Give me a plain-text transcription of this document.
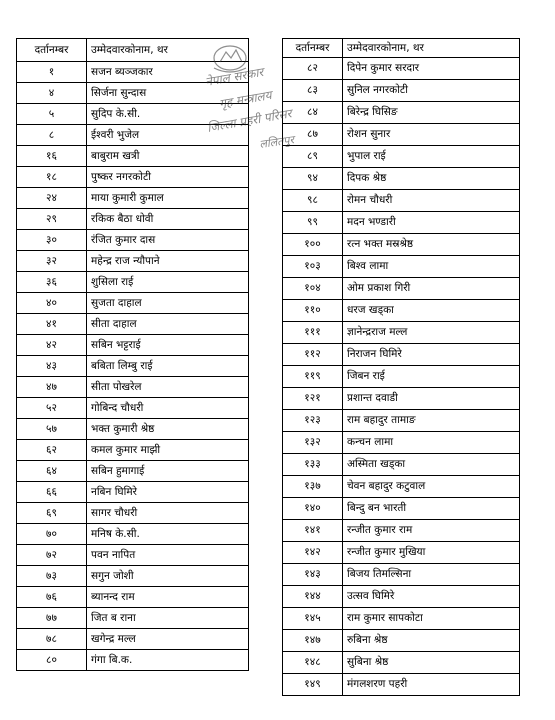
दर्तानम्बर	उम्मेदवारकोनाम, थर
१	सजन ब्यञ्जकार
४	सिर्जना सुन्दास
५	सुदिप के.सी.
८	ईश्वरी भुजेल
१६	बाबुराम खत्री
१८	पुष्कर नगरकोटी
२४	माया कुमारी कुमाल
२९	रकिक बैठा धोवी
३०	रंजित कुमार दास
३२	महेन्द्र राज न्यौपाने
३६	शुसिला राई
४०	सुजता दाहाल
४१	सीता दाहाल
४२	सबिन भट्टराई
४३	बबिता लिम्बु राई
४७	सीता पोखरेल
५२	गोबिन्द चौधरी
५७	भक्त कुमारी श्रेष्ठ
६२	कमल कुमार माझी
६४	सबिन हुमागाई
६६	नबिन घिमिरे
६९	सागर चौधरी
७०	मनिष के.सी.
७२	पवन नापित
७३	सगुन जोशी
७६	ब्यानन्द राम
७७	जित ब राना
७८	खगेन्द्र मल्ल
८०	गंगा बि.क.
दर्तानम्बर	उम्मेदवारकोनाम, थर
८२	दिपेन कुमार सरदार
८३	सुनिल नगरकोटी
८४	बिरेन्द्र घिसिङ
८७	रोशन सुनार
८९	भुपाल राई
९४	दिपक श्रेष्ठ
९८	रोमन चौधरी
९९	मदन भण्डारी
१००	रत्न भक्त मस्रश्रेष्ठ
१०३	बिश्व लामा
१०४	ओम प्रकाश गिरी
११०	धरज खड्का
१११	ज्ञानेन्द्रराज मल्ल
११२	निराजन घिमिरे
११९	जिबन राई
१२१	प्रशान्त दवाडी
१२३	राम बहादुर तामाङ
१३२	कन्चन लामा
१३३	अस्मिता खड्का
१३७	चेवन बहादुर कटुवाल
१४०	बिन्दु बन भारती
१४१	रन्जीत कुमार राम
१४२	रन्जीत कुमार मुखिया
१४३	बिजय तिमल्सिना
१४४	उत्सव घिमिरे
१४५	राम कुमार सापकोटा
१४७	रुबिना श्रेष्ठ
१४८	सुबिना श्रेष्ठ
१४९	मंगलशरण पहरी
नेपाल सरकार
गृह मन्त्रालय
जिल्ला प्रहरी परिसर
ललितपुर
